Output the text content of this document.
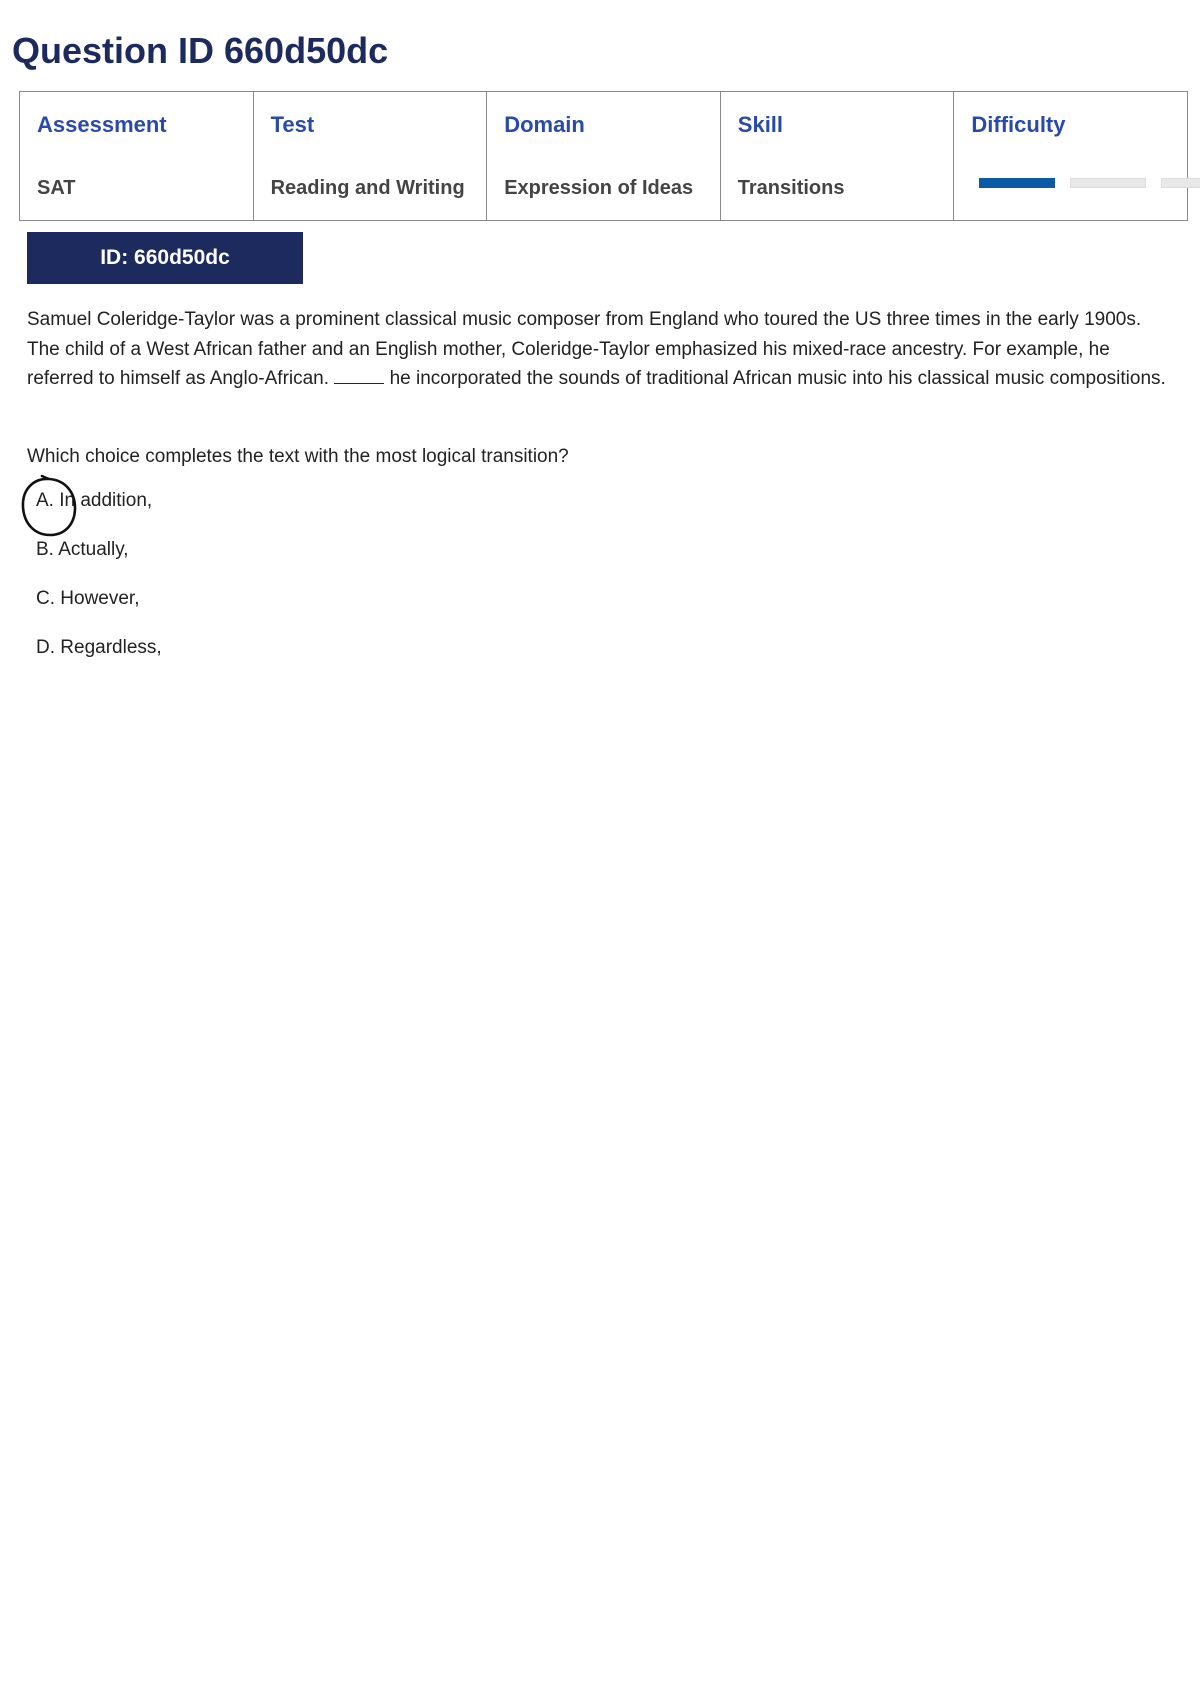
Question ID 660d50dc
Assessment
SAT

Test
Reading and Writing

Domain
Expression of Ideas

Skill
Transitions

Difficulty
ID: 660d50dc

Samuel Coleridge-Taylor was a prominent classical music composer from England who toured the US three times in the early 1900s. The child of a West African father and an English mother, Coleridge-Taylor emphasized his mixed-race ancestry. For example, he referred to himself as Anglo-African.	he incorporated the sounds of traditional African music into his classical music compositions.

Which choice completes the text with the most logical transition?

A. In addition,
B. Actually,
C. However,
D. Regardless,
